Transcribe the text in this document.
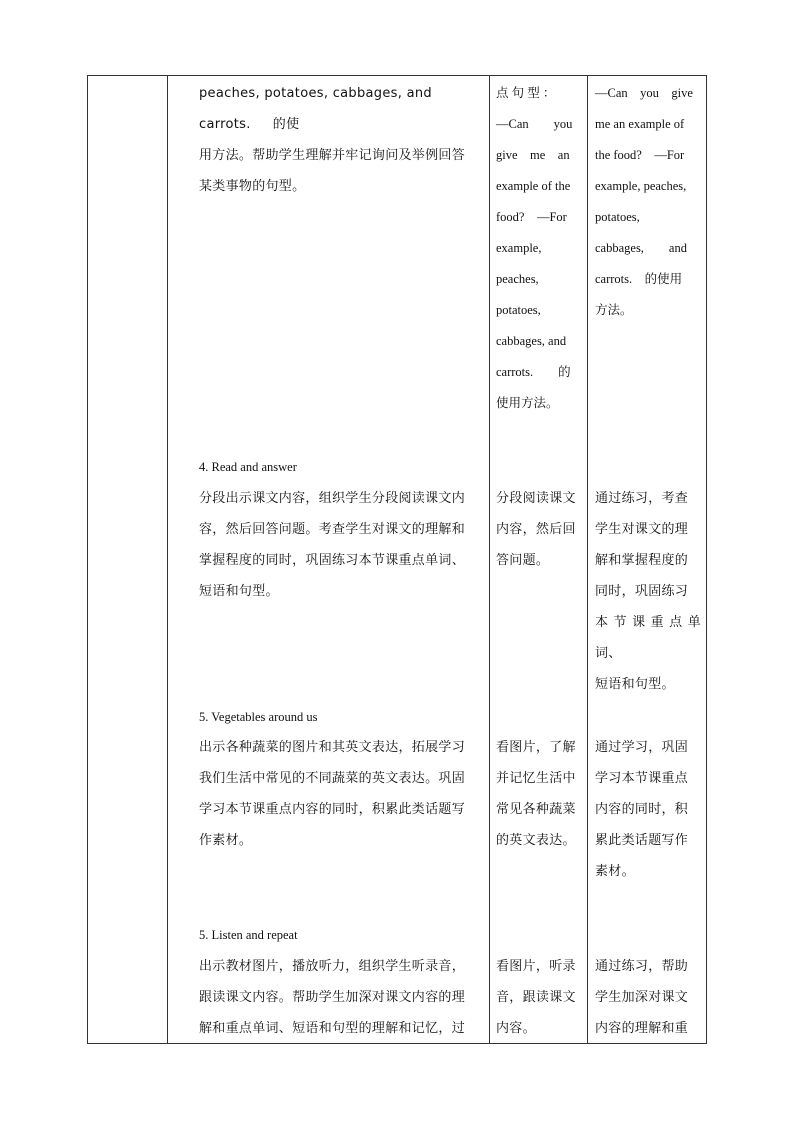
peaches, potatoes, cabbages, and carrots.     的使
用方法。帮助学生理解并牢记询问及举例回答
某类事物的句型。
点 句 型 ：
—Can　　you
give　me　an
example of the
food?　—For
example,
peaches,
potatoes,
cabbages, and
carrots.　　的
使用方法。
—Can　you　give
me an example of
the food?　—For
example, peaches,
potatoes,
cabbages,　　and
carrots.　的使用
方法。
4. Read and answer
分段出示课文内容，组织学生分段阅读课文内
容，然后回答问题。考查学生对课文的理解和
掌握程度的同时，巩固练习本节课重点单词、
短语和句型。
分段阅读课文
内容，然后回
答问题。
通过练习，考查
学生对课文的理
解和掌握程度的
同时，巩固练习
本节课重点单词、
短语和句型。
5. Vegetables around us
出示各种蔬菜的图片和其英文表达，拓展学习
我们生活中常见的不同蔬菜的英文表达。巩固
学习本节课重点内容的同时，积累此类话题写
作素材。
看图片，了解
并记忆生活中
常见各种蔬菜
的英文表达。
通过学习，巩固
学习本节课重点
内容的同时，积
累此类话题写作
素材。
5. Listen and repeat
出示教材图片，播放听力，组织学生听录音，
跟读课文内容。帮助学生加深对课文内容的理
解和重点单词、短语和句型的理解和记忆，过
看图片，听录
音，跟读课文
内容。
通过练习，帮助
学生加深对课文
内容的理解和重
